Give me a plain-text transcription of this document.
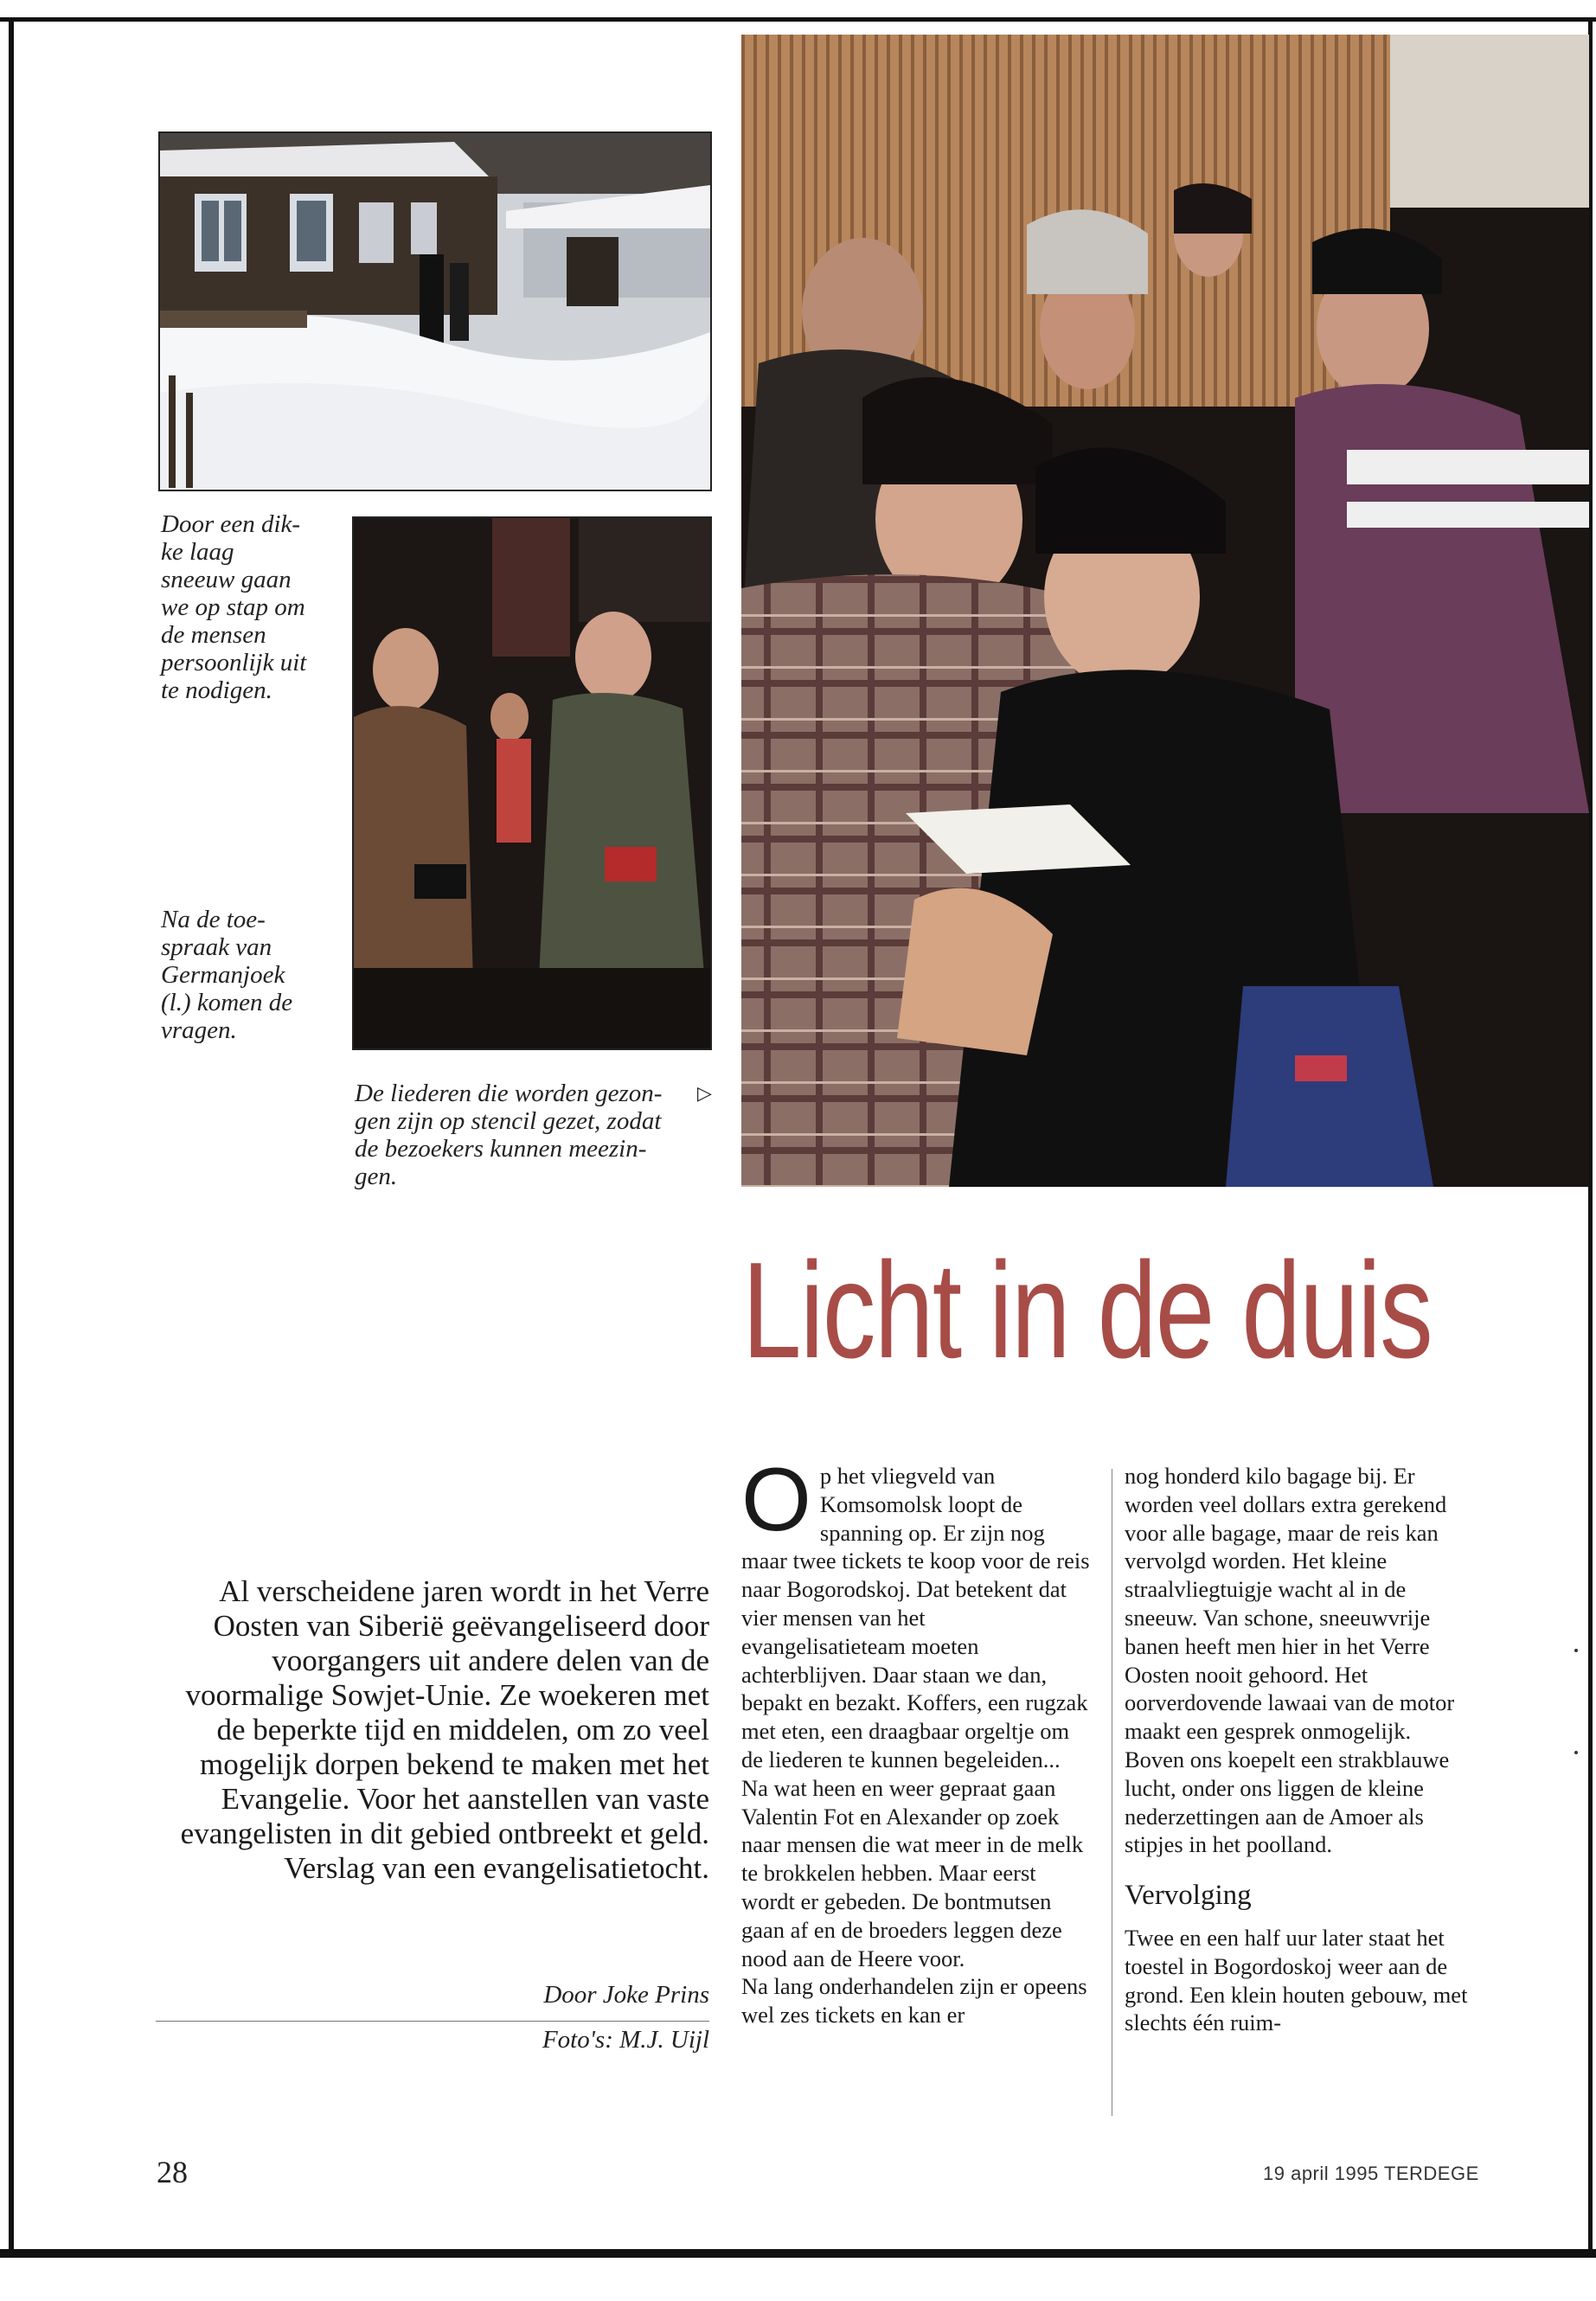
Door een dik-
ke laag
sneeuw gaan
we op stap om
de mensen
persoonlijk uit
te nodigen.
Na de toe-
spraak van
Germanjoek
(l.) komen de
vragen.
De liederen die worden gezon-
gen zijn op stencil gezet, zodat
de bezoekers kunnen meezin-
gen.
▷
Licht in de duis
Al verscheidene jaren wordt in het Verre Oosten van Siberië geëvangeliseerd door voorgangers uit andere delen van de voormalige Sowjet-Unie. Ze woekeren met de beperkte tijd en middelen, om zo veel mogelijk dorpen bekend te maken met het Evangelie. Voor het aanstellen van vaste evangelisten in dit gebied ontbreekt et geld. Verslag van een evangelisatietocht.
Door Joke Prins
Foto's: M.J. Uijl
O p het vliegveld van Komsomolsk loopt de spanning op. Er zijn nog maar twee tickets te koop voor de reis naar Bogorodskoj. Dat betekent dat vier mensen van het evangelisatieteam moeten achterblijven. Daar staan we dan, bepakt en bezakt. Koffers, een rugzak met eten, een draagbaar orgeltje om de liederen te kunnen begeleiden... Na wat heen en weer gepraat gaan Valentin Fot en Alexander op zoek naar mensen die wat meer in de melk te brokkelen hebben. Maar eerst wordt er gebeden. De bontmutsen gaan af en de broeders leggen deze nood aan de Heere voor.

Na lang onderhandelen zijn er opeens wel zes tickets en kan er

nog honderd kilo bagage bij. Er worden veel dollars extra gerekend voor alle bagage, maar de reis kan vervolgd worden. Het kleine straalvliegtuigje wacht al in de sneeuw. Van schone, sneeuwvrije banen heeft men hier in het Verre Oosten nooit gehoord. Het oorverdovende lawaai van de motor maakt een gesprek onmogelijk. Boven ons koepelt een strakblauwe lucht, onder ons liggen de kleine nederzettingen aan de Amoer als stipjes in het poolland.

Vervolging

Twee en een half uur later staat het toestel in Bogordoskoj weer aan de grond. Een klein houten gebouw, met slechts één ruim-

28	19 april 1995 TERDEGE
